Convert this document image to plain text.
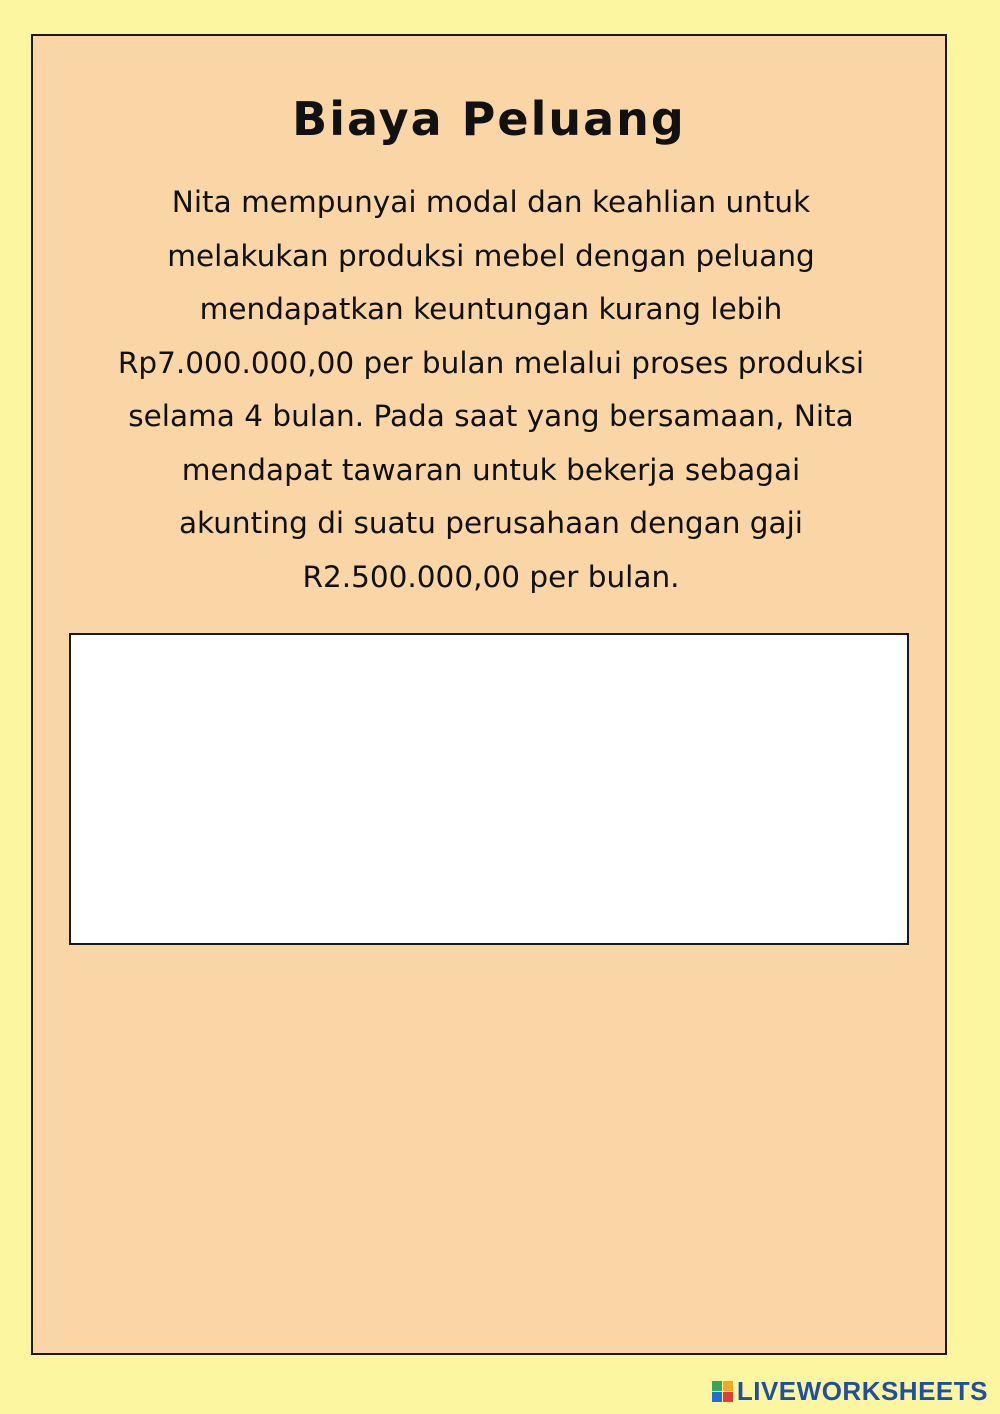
Biaya Peluang
Nita mempunyai modal dan keahlian untuk
melakukan produksi mebel dengan peluang
mendapatkan keuntungan kurang lebih
Rp7.000.000,00 per bulan melalui proses produksi
selama 4 bulan. Pada saat yang bersamaan, Nita
mendapat tawaran untuk bekerja sebagai
akunting di suatu perusahaan dengan gaji
R2.500.000,00 per bulan.
LIVEWORKSHEETS
